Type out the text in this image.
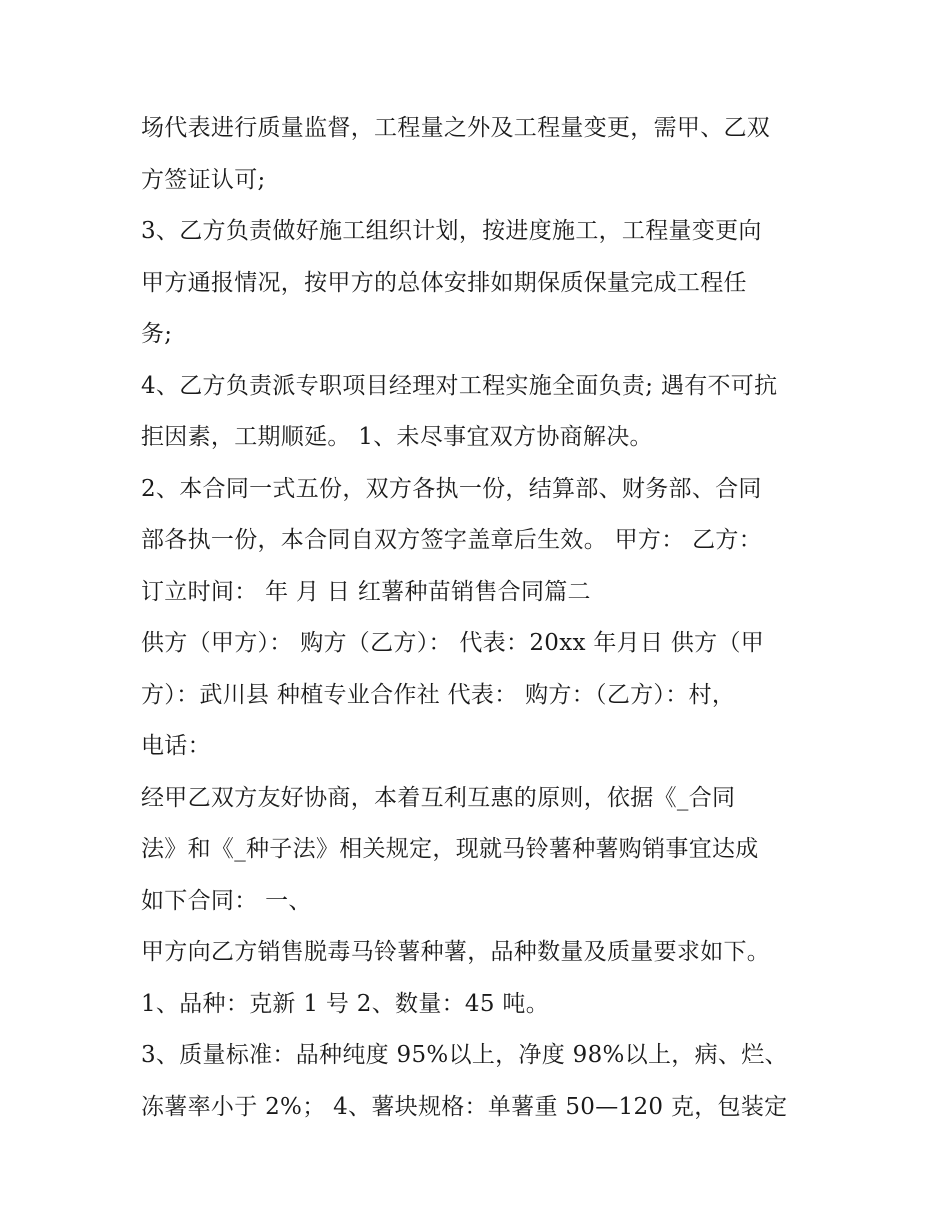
场代表进行质量监督，工程量之外及工程量变更，需甲、乙双
方签证认可;
3、乙方负责做好施工组织计划，按进度施工，工程量变更向
甲方通报情况，按甲方的总体安排如期保质保量完成工程任
务;
4、乙方负责派专职项目经理对工程实施全面负责; 遇有不可抗
拒因素，工期顺延。 1、未尽事宜双方协商解决。
2、本合同一式五份，双方各执一份，结算部、财务部、合同
部各执一份，本合同自双方签字盖章后生效。 甲方： 乙方：
订立时间： 年 月 日 红薯种苗销售合同篇二
供方（甲方）： 购方（乙方）： 代表：20xx 年月日 供方（甲
方）：武川县 种植专业合作社 代表： 购方：（乙方）：村，
电话：
经甲乙双方友好协商，本着互利互惠的原则，依据《_合同
法》和《_种子法》相关规定，现就马铃薯种薯购销事宜达成
如下合同： 一、
甲方向乙方销售脱毒马铃薯种薯，品种数量及质量要求如下。
1、品种：克新 1 号 2、数量：45 吨。
3、质量标准：品种纯度 95%以上，净度 98%以上，病、烂、
冻薯率小于 2%； 4、薯块规格：单薯重 50—120 克，包装定
